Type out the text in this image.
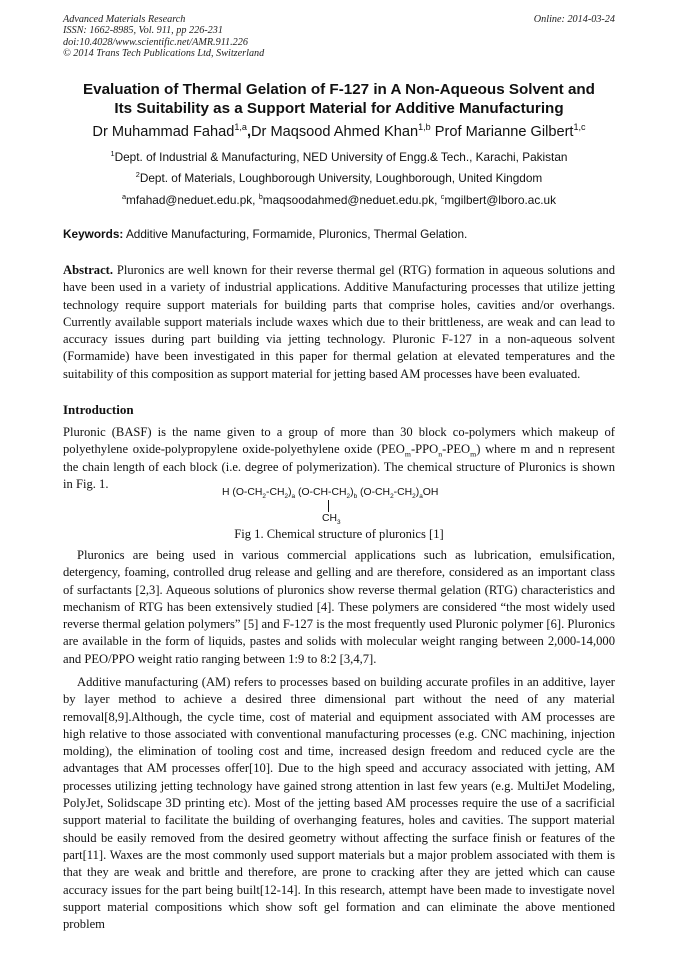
Advanced Materials Research
ISSN: 1662-8985, Vol. 911, pp 226-231
doi:10.4028/www.scientific.net/AMR.911.226
© 2014 Trans Tech Publications Ltd, Switzerland
Online: 2014-03-24
Evaluation of Thermal Gelation of F-127 in A Non-Aqueous Solvent and
Its Suitability as a Support Material for Additive Manufacturing
Dr Muhammad Fahad$^{1,a}$,Dr Maqsood Ahmed Khan$^{1,b}$ Prof Marianne Gilbert$^{1,c}$
$^1$Dept. of Industrial & Manufacturing, NED University of Engg.& Tech., Karachi, Pakistan
$^2$Dept. of Materials, Loughborough University, Loughborough, United Kingdom
$^a$mfahad@neduet.edu.pk, $^b$maqsoodahmed@neduet.edu.pk, $^c$mgilbert@lboro.ac.uk
Keywords: Additive Manufacturing, Formamide, Pluronics, Thermal Gelation.
Abstract. Pluronics are well known for their reverse thermal gel (RTG) formation in aqueous solutions and have been used in a variety of industrial applications. Additive Manufacturing processes that utilize jetting technology require support materials for building parts that comprise holes, cavities and/or overhangs. Currently available support materials include waxes which due to their brittleness, are weak and can lead to accuracy issues during part building via jetting technology. Pluronic F-127 in a non-aqueous solvent (Formamide) have been investigated in this paper for thermal gelation at elevated temperatures and the suitability of this composition as support material for jetting based AM processes have been evaluated.
Introduction
Pluronic (BASF) is the name given to a group of more than 30 block co-polymers which makeup of polyethylene oxide-polypropylene oxide-polyethylene oxide $(PEO_m-PPO_n-PEO_m)$ where m and n represent the chain length of each block (i.e. degree of polymerization). The chemical structure of Pluronics is shown in Fig. 1.
H $(O-CH_2-CH_2)_a$ $(O-CH-CH_2)_b$ $(O-CH_2-CH_2)_aOH$
$CH_3$
Fig 1. Chemical structure of pluronics [1]
Pluronics are being used in various commercial applications such as lubrication, emulsification, detergency, foaming, controlled drug release and gelling and are therefore, considered as an important class of surfactants [2,3]. Aqueous solutions of pluronics show reverse thermal gelation (RTG) characteristics and mechanism of RTG has been extensively studied [4]. These polymers are considered “the most widely used reverse thermal gelation polymers” [5] and F-127 is the most frequently used Pluronic polymer [6]. Pluronics are available in the form of liquids, pastes and solids with molecular weight ranging between 2,000-14,000 and PEO/PPO weight ratio ranging between 1:9 to 8:2 [3,4,7].
Additive manufacturing (AM) refers to processes based on building accurate profiles in an additive, layer by layer method to achieve a desired three dimensional part without the need of any material removal[8,9].Although, the cycle time, cost of material and equipment associated with AM processes are high relative to those associated with conventional manufacturing processes (e.g. CNC machining, injection molding), the elimination of tooling cost and time, increased design freedom and reduced cycle are the advantages that AM processes offer[10]. Due to the high speed and accuracy associated with jetting, AM processes utilizing jetting technology have gained strong attention in last few years (e.g. MultiJet Modeling, PolyJet, Solidscape 3D printing etc). Most of the jetting based AM processes require the use of a sacrificial support material to facilitate the building of overhanging features, holes and cavities. The support material should be easily removed from the desired geometry without affecting the surface finish or features of the part[11]. Waxes are the most commonly used support materials but a major problem associated with them is that they are weak and brittle and therefore, are prone to cracking after they are jetted which can cause accuracy issues for the part being built[12-14]. In this research, attempt have been made to investigate novel support material compositions which show soft gel formation and can eliminate the above mentioned problem
